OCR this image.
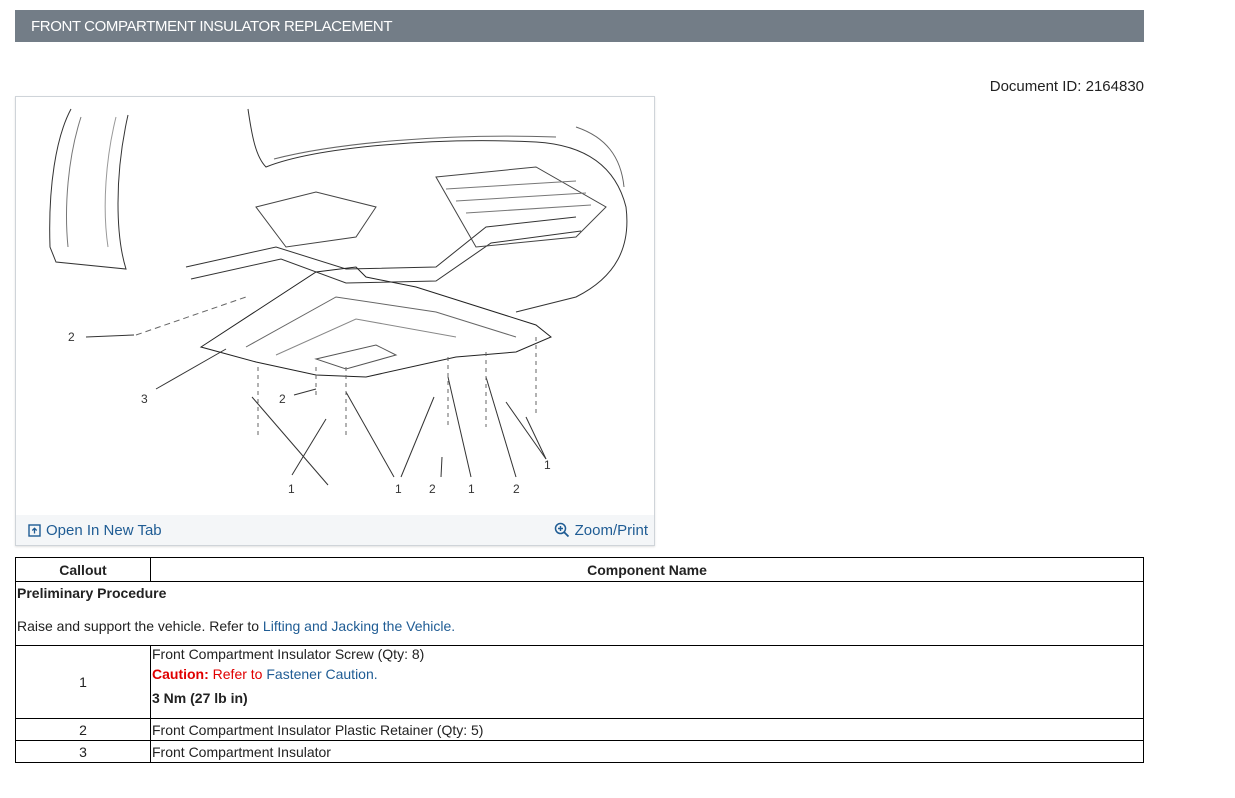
FRONT COMPARTMENT INSULATOR REPLACEMENT
Document ID: 2164830
2
3	2
1	1 2	1	2
1
Open In New Tab	Zoom/Print
Callout	Component Name

Preliminary Procedure
Raise and support the vehicle. Refer to Lifting and Jacking the Vehicle.	

1	Front Compartment Insulator Screw (Qty: 8)
Caution: Refer to Fastener Caution.
3 Nm (27 lb in)

2	Front Compartment Insulator Plastic Retainer (Qty: 5)
3	Front Compartment Insulator
